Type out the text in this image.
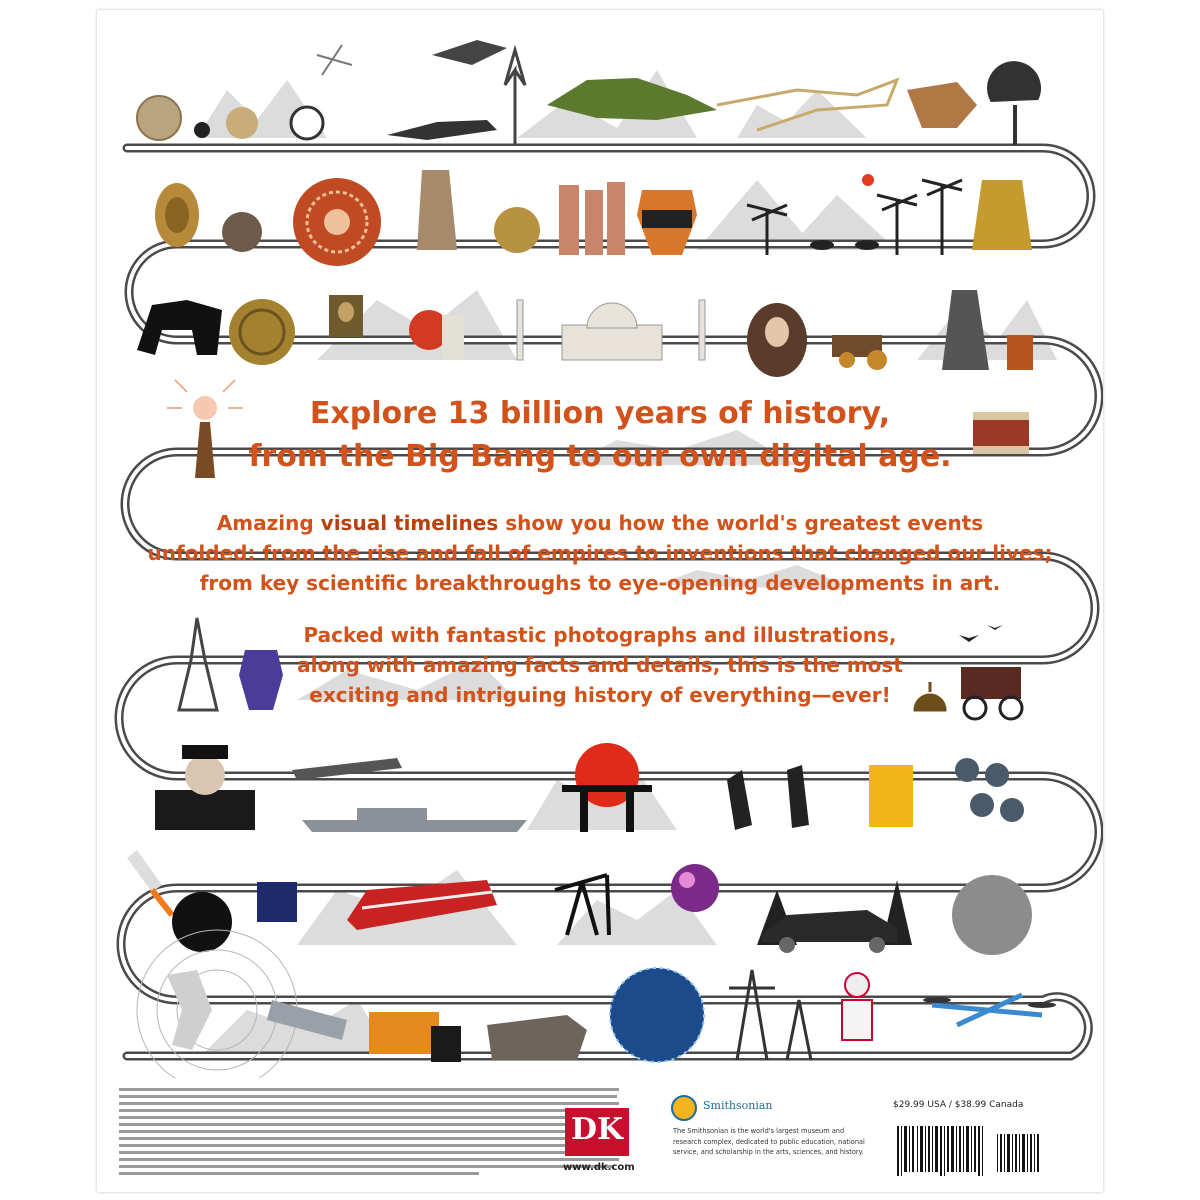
Explore 13 billion years of history,
from the Big Bang to our own digital age.
Amazing visual timelines show you how the world's greatest events
unfolded: from the rise and fall of empires to inventions that changed our lives;
from key scientific breakthroughs to eye-opening developments in art.
Packed with fantastic photographs and illustrations,
along with amazing facts and details, this is the most
exciting and intriguing history of everything—ever!
DK
www.dk.com
Smithsonian
The Smithsonian is the world's largest museum and research complex, dedicated to public education, national service, and scholarship in the arts, sciences, and history.
$29.99 USA / $38.99 Canada
